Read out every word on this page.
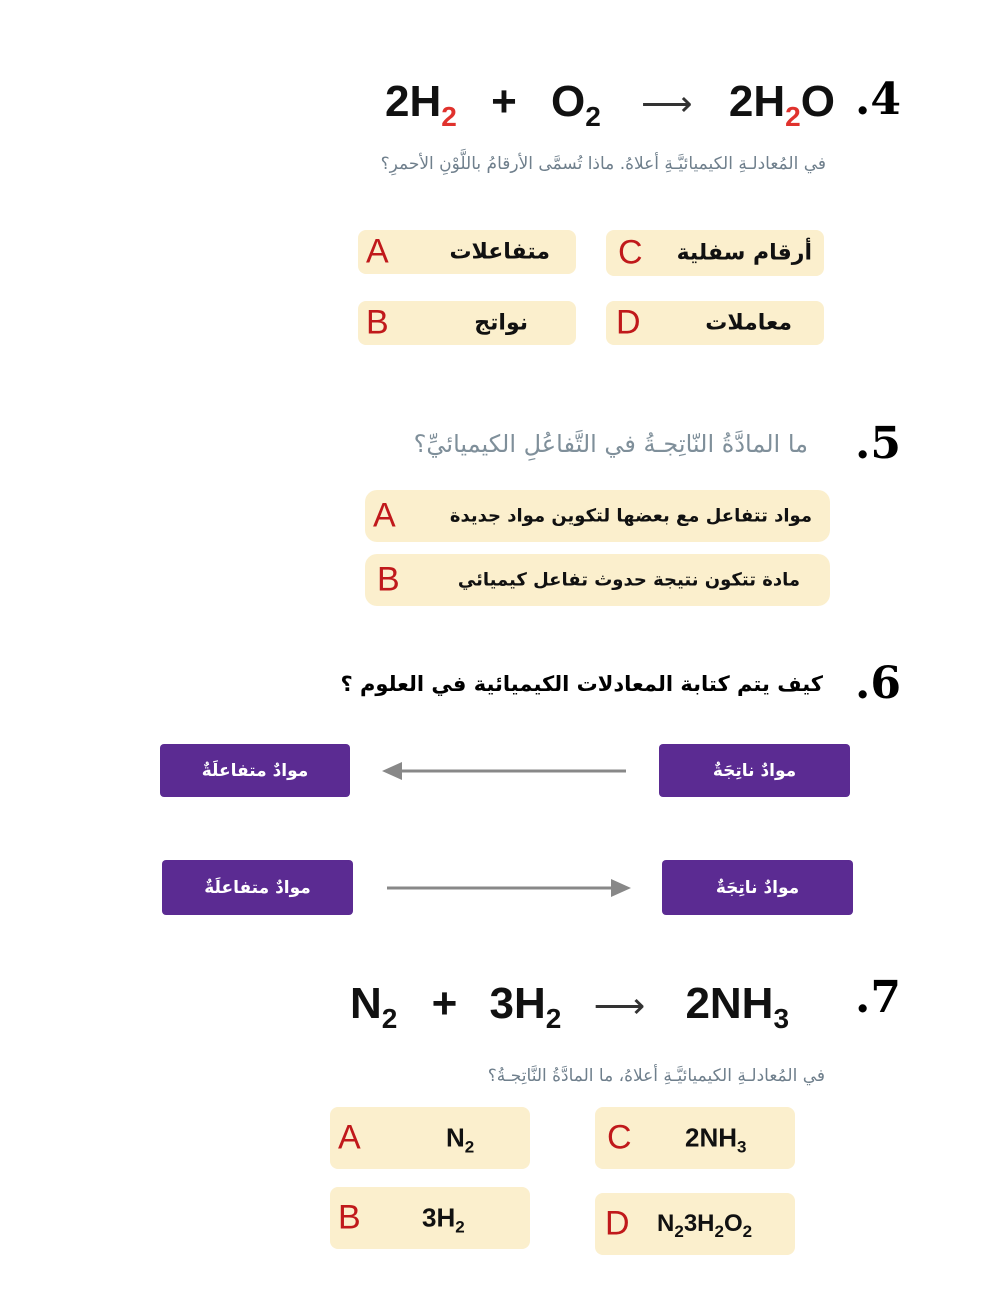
.4
$2H_2 + O_2$ ⟶ $2H_2O$
في المُعادلـةِ الكيميائيَّـةِ أعلاهُ. ماذا تُسمَّى الأرقامُ باللَّوْنِ الأحمرِ؟
A	متفاعلات
B	نواتج
C أرقام سفلية
D	معاملات
.5
ما المادَّةُ النّاتِجـةُ في التَّفاعُلِ الكيميائيِّ؟
A	مواد تتفاعل مع بعضها لتكوين مواد جديدة
B	مادة تتكون نتيجة حدوث تفاعل كيميائي
.6
كيف يتم كتابة المعادلات الكيميائية في العلوم ؟
موادٌ متفاعلَةٌ	موادٌ ناتِجَةٌ
موادٌ متفاعلَةٌ	موادٌ ناتِجَةٌ
.7
$N_2 + 3H_2$ ⟶ $2NH_3$
في المُعادلـةِ الكيميائيَّـةِ أعلاهُ، ما المادَّةُ النَّاتِجـةُ؟
A	$N_2$
B $3H_2$
C $2NH_3$
D $N_23H_2O_2$
